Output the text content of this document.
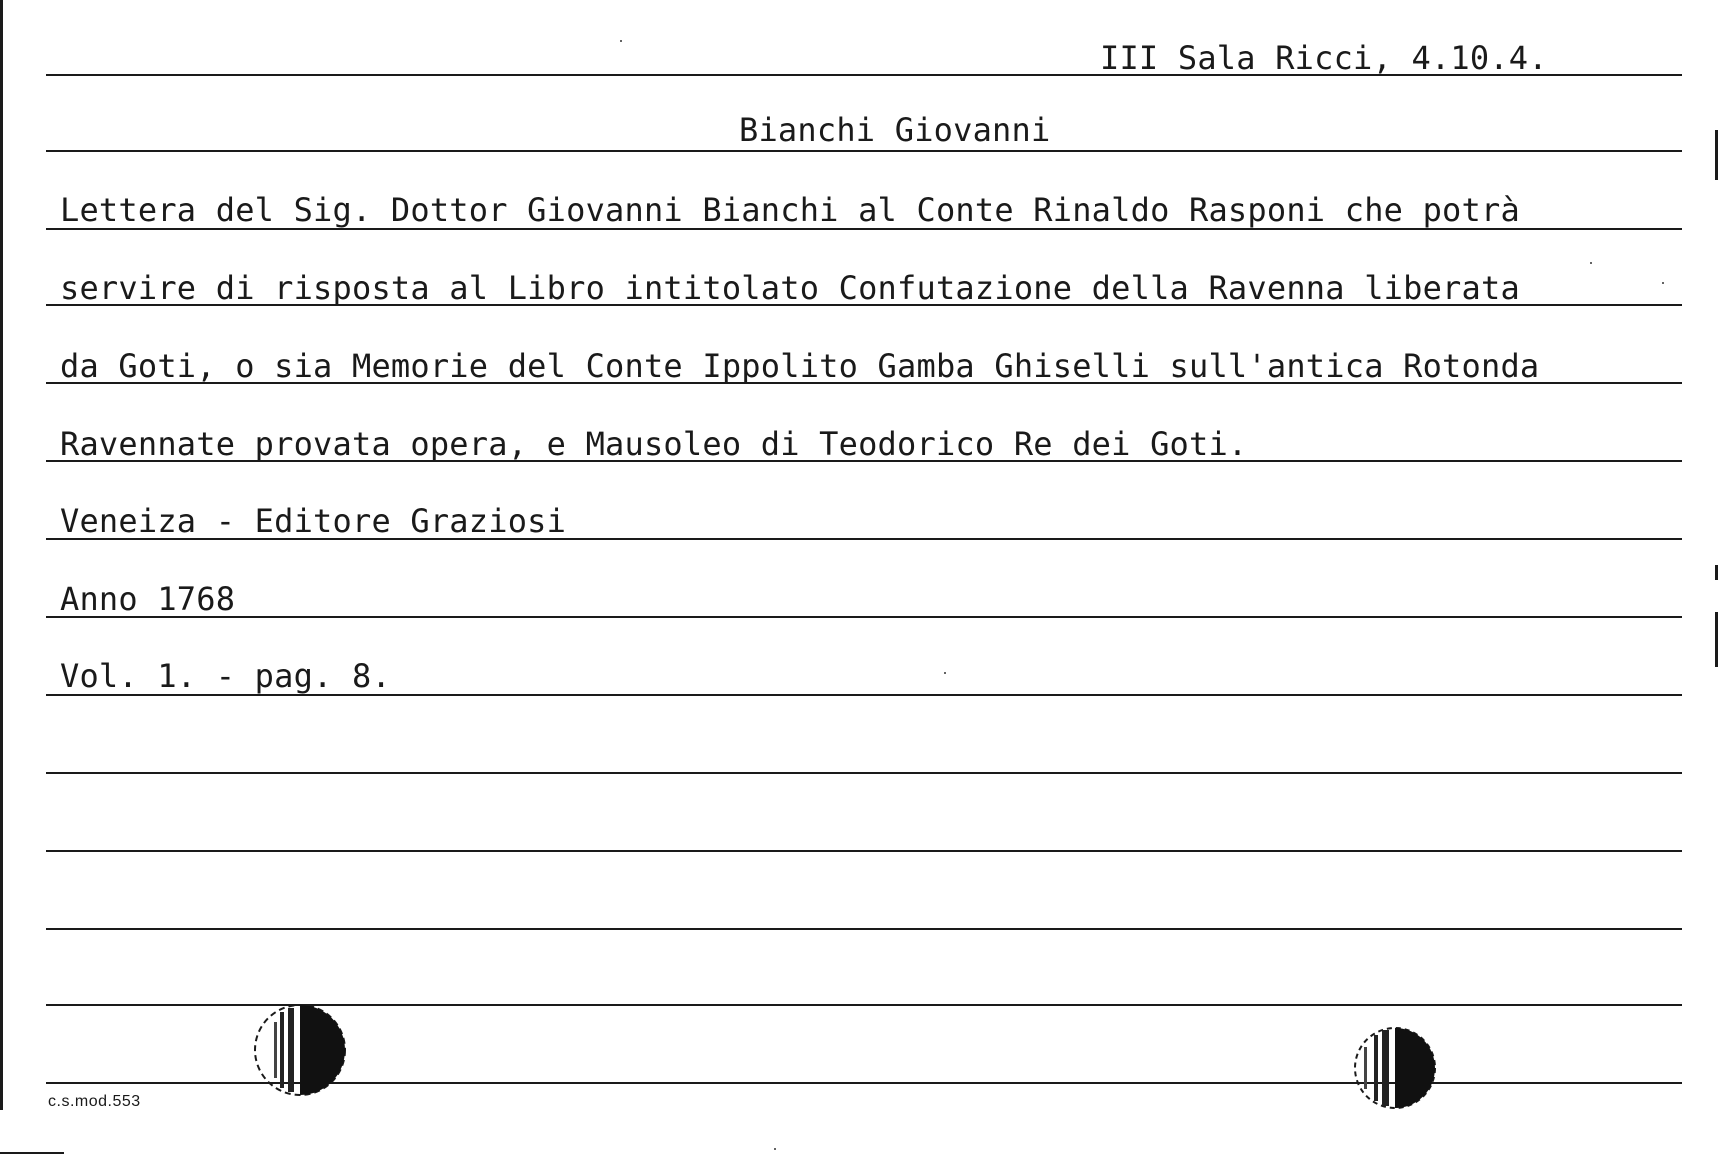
III Sala Ricci, 4.10.4.
Bianchi Giovanni
Lettera del Sig. Dottor Giovanni Bianchi al Conte Rinaldo Rasponi che potrà
servire di risposta al Libro intitolato Confutazione della Ravenna liberata
da Goti, o sia Memorie del Conte Ippolito Gamba Ghiselli sull'antica Rotonda
Ravennate provata opera, e Mausoleo di Teodorico Re dei Goti.
Veneiza - Editore Graziosi
Anno 1768
Vol. 1. - pag. 8.
c.s.mod.553
